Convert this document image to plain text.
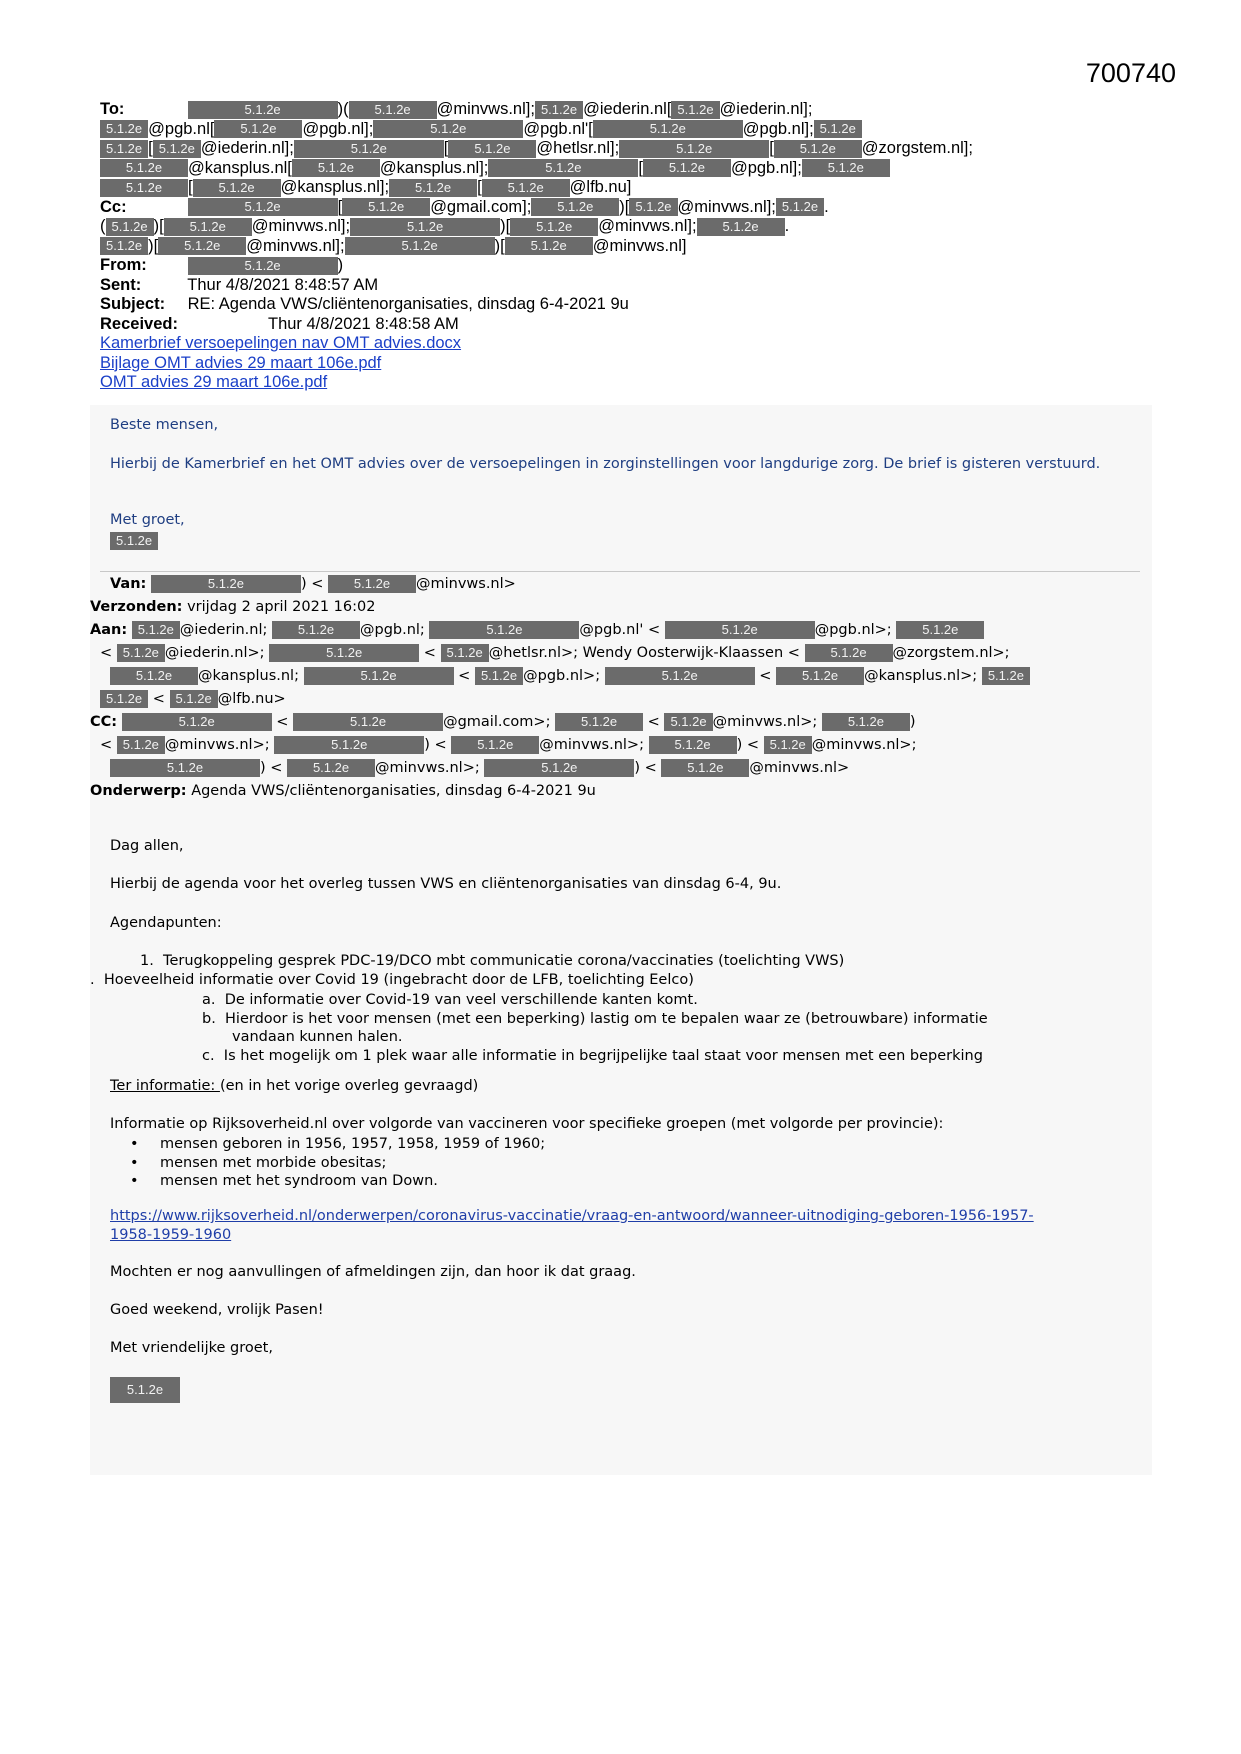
700740
To:	5.1.2e	)( 5.1.2e @minvws.nl]; 5.1.2e @iederin.nl[ 5.1.2e @iederin.nl];
5.1.2e @pgb.nl[ 5.1.2e @pgb.nl];	5.1.2e	@pgb.nl'[	5.1.2e	@pgb.nl]; 5.1.2e
5.1.2e [ 5.1.2e @iederin.nl];	5.1.2e	[ 5.1.2e @hetlsr.nl];	5.1.2e	[ 5.1.2e @zorgstem.nl];
5.1.2e @kansplus.nl[ 5.1.2e @kansplus.nl];	5.1.2e	[ 5.1.2e @pgb.nl]; 5.1.2e
5.1.2e [ 5.1.2e @kansplus.nl]; 5.1.2e [ 5.1.2e @lfb.nu]
Cc:	5.1.2e	[ 5.1.2e @gmail.com]; 5.1.2e )[ 5.1.2e @minvws.nl]; 5.1.2e .
( 5.1.2e )[ 5.1.2e @minvws.nl];	5.1.2e	)[ 5.1.2e @minvws.nl]; 5.1.2e .
5.1.2e )[ 5.1.2e @minvws.nl];	5.1.2e	)[ 5.1.2e @minvws.nl]
From:	5.1.2e	)
Sent:	Thur 4/8/2021 8:48:57 AM
Subject: RE: Agenda VWS/cliëntenorganisaties, dinsdag 6-4-2021 9u
Received:	Thur 4/8/2021 8:48:58 AM
Kamerbrief versoepelingen nav OMT advies.docx
Bijlage OMT advies 29 maart 106e.pdf
OMT advies 29 maart 106e.pdf
Beste mensen,
Hierbij de Kamerbrief en het OMT advies over de versoepelingen in zorginstellingen voor langdurige zorg. De brief is gisteren verstuurd.
Met groet,
5.1.2e
Van:	5.1.2e	) < 5.1.2e @minvws.nl>
Verzonden: vrijdag 2 april 2021 16:02
Aan: 5.1.2e @iederin.nl; 5.1.2e @pgb.nl;	5.1.2e	@pgb.nl' <	5.1.2e	@pgb.nl>; 5.1.2e
< 5.1.2e @iederin.nl>;	5.1.2e	< 5.1.2e @hetlsr.nl>; Wendy Oosterwijk-Klaassen < 5.1.2e @zorgstem.nl>;
5.1.2e @kansplus.nl;	5.1.2e	< 5.1.2e @pgb.nl>;	5.1.2e	< 5.1.2e @kansplus.nl>; 5.1.2e
5.1.2e < 5.1.2e @lfb.nu>
CC:	5.1.2e	<	5.1.2e	@gmail.com>; 5.1.2e < 5.1.2e @minvws.nl>; 5.1.2e )
< 5.1.2e @minvws.nl>;	5.1.2e	) < 5.1.2e @minvws.nl>; 5.1.2e ) < 5.1.2e @minvws.nl>;
5.1.2e	) < 5.1.2e @minvws.nl>;	5.1.2e	) < 5.1.2e @minvws.nl>
Onderwerp: Agenda VWS/cliëntenorganisaties, dinsdag 6-4-2021 9u
Dag allen,
Hierbij de agenda voor het overleg tussen VWS en cliëntenorganisaties van dinsdag 6-4, 9u.
Agendapunten:
1.  Terugkoppeling gesprek PDC-19/DCO mbt communicatie corona/vaccinaties (toelichting VWS)
.  Hoeveelheid informatie over Covid 19 (ingebracht door de LFB, toelichting Eelco)
a.  De informatie over Covid-19 van veel verschillende kanten komt.
b.  Hierdoor is het voor mensen (met een beperking) lastig om te bepalen waar ze (betrouwbare) informatie
vandaan kunnen halen.
c.  Is het mogelijk om 1 plek waar alle informatie in begrijpelijke taal staat voor mensen met een beperking
Ter informatie: (en in het vorige overleg gevraagd)
Informatie op Rijksoverheid.nl over volgorde van vaccineren voor specifieke groepen (met volgorde per provincie):
• mensen geboren in 1956, 1957, 1958, 1959 of 1960;
• mensen met morbide obesitas;
• mensen met het syndroom van Down.
https://www.rijksoverheid.nl/onderwerpen/coronavirus-vaccinatie/vraag-en-antwoord/wanneer-uitnodiging-geboren-1956-1957-
1958-1959-1960
Mochten er nog aanvullingen of afmeldingen zijn, dan hoor ik dat graag.
Goed weekend, vrolijk Pasen!
Met vriendelijke groet,
5.1.2e
